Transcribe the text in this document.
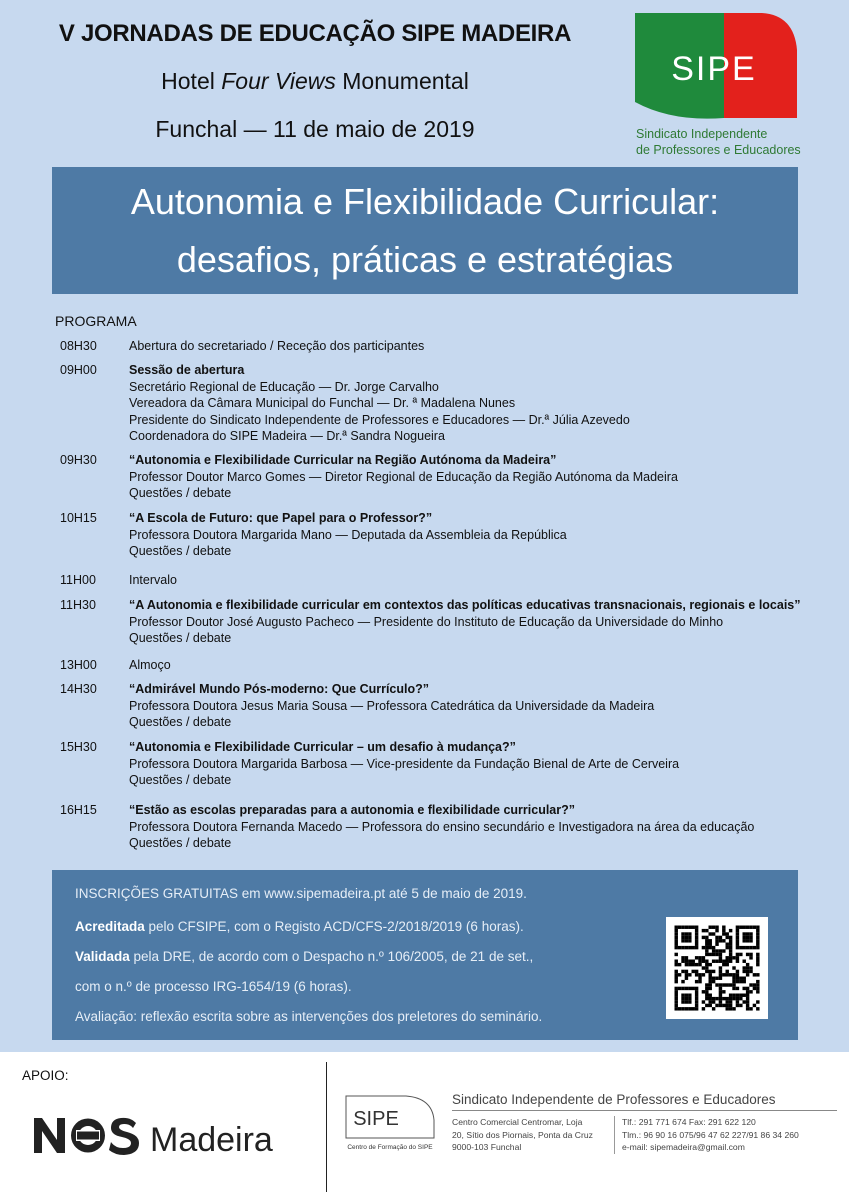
V JORNADAS DE EDUCAÇÃO SIPE MADEIRA
Hotel Four Views Monumental
Funchal — 11 de maio de 2019
SIPE
Sindicato Independente
de Professores e Educadores
Autonomia e Flexibilidade Curricular:
desafios, práticas e estratégias
PROGRAMA
08H30	Abertura do secretariado / Receção dos participantes
09H00	Sessão de abertura
Secretário Regional de Educação — Dr. Jorge Carvalho
Vereadora da Câmara Municipal do Funchal — Dr. ª Madalena Nunes
Presidente do Sindicato Independente de Professores e Educadores — Dr.ª Júlia Azevedo
Coordenadora do SIPE Madeira — Dr.ª Sandra Nogueira
09H30	“Autonomia e Flexibilidade Curricular na Região Autónoma da Madeira”
Professor Doutor Marco Gomes — Diretor Regional de Educação da Região Autónoma da Madeira
Questões / debate
10H15	“A Escola de Futuro: que Papel para o Professor?”
Professora Doutora Margarida Mano — Deputada da Assembleia da República
Questões / debate
11H00	Intervalo
11H30	“A Autonomia e flexibilidade curricular em contextos das políticas educativas transnacionais, regionais e locais”
Professor Doutor José Augusto Pacheco — Presidente do Instituto de Educação da Universidade do Minho
Questões / debate
13H00	Almoço
14H30	“Admirável Mundo Pós-moderno: Que Currículo?”
Professora Doutora Jesus Maria Sousa — Professora Catedrática da Universidade da Madeira
Questões / debate
15H30	“Autonomia e Flexibilidade Curricular – um desafio à mudança?”
Professora Doutora Margarida Barbosa — Vice-presidente da Fundação Bienal de Arte de Cerveira
Questões / debate
16H15	“Estão as escolas preparadas para a autonomia e flexibilidade curricular?”
Professora Doutora Fernanda Macedo — Professora do ensino secundário e Investigadora na área da educação
Questões / debate
INSCRIÇÕES GRATUITAS em www.sipemadeira.pt até 5 de maio de 2019.
Acreditada pelo CFSIPE, com o Registo ACD/CFS-2/2018/2019 (6 horas).
Validada pela DRE, de acordo com o Despacho n.º 106/2005, de 21 de set.,
com o n.º de processo IRG-1654/19 (6 horas).
Avaliação: reflexão escrita sobre as intervenções dos preletores do seminário.
APOIO:
Madeira
SIPE
Centro de Formação do SIPE
Sindicato Independente de Professores e Educadores
Centro Comercial Centromar, Loja
20, Sítio dos Piornais, Ponta da Cruz
9000-103 Funchal
Tlf.: 291 771 674 Fax: 291 622 120
Tlm.: 96 90 16 075/96 47 62 227/91 86 34 260
e-mail: sipemadeira@gmail.com
